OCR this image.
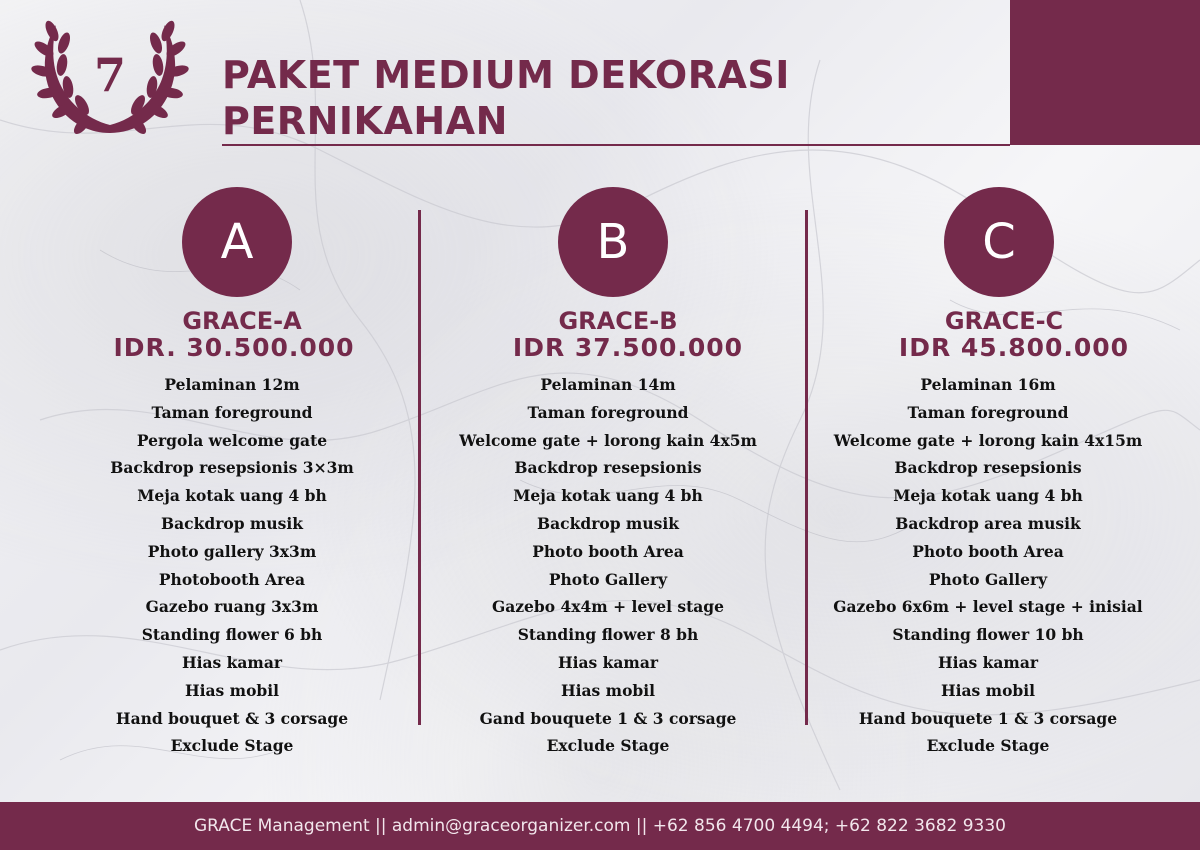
7	PAKET MEDIUM DEKORASI
PERNIKAHAN
A
GRACE-A
IDR. 30.500.000
Pelaminan 12m
Taman foreground
Pergola welcome gate
Backdrop resepsionis 3×3m
Meja kotak uang 4 bh
Backdrop musik
Photo gallery 3x3m
Photobooth Area
Gazebo ruang 3x3m
Standing flower 6 bh
Hias kamar
Hias mobil
Hand bouquet & 3 corsage
Exclude Stage
B
GRACE-B
IDR 37.500.000
Pelaminan 14m
Taman foreground
Welcome gate + lorong kain 4x5m
Backdrop resepsionis
Meja kotak uang 4 bh
Backdrop musik
Photo booth Area
Photo Gallery
Gazebo 4x4m + level stage
Standing flower 8 bh
Hias kamar
Hias mobil
Gand bouquete 1 & 3 corsage
Exclude Stage
C
GRACE-C
IDR 45.800.000
Pelaminan 16m
Taman foreground
Welcome gate + lorong kain 4x15m
Backdrop resepsionis
Meja kotak uang 4 bh
Backdrop area musik
Photo booth Area
Photo Gallery
Gazebo 6x6m + level stage + inisial
Standing flower 10 bh
Hias kamar
Hias mobil
Hand bouquete 1 & 3 corsage
Exclude Stage
GRACE Management || admin@graceorganizer.com || +62 856 4700 4494; +62 822 3682 9330
